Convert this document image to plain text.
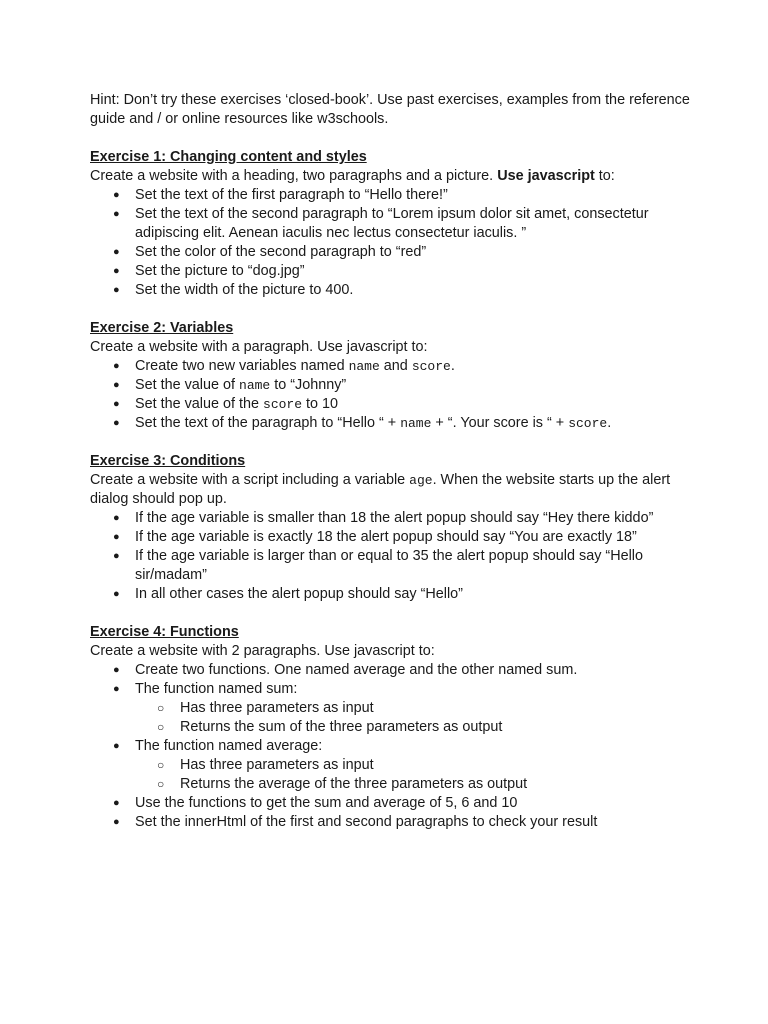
Hint: Don’t try these exercises ‘closed-book’. Use past exercises, examples from the reference guide and / or online resources like w3schools.

Exercise 1: Changing content and styles

Create a website with a heading, two paragraphs and a picture. Use javascript to:

● Set the text of the first paragraph to “Hello there!”
● Set the text of the second paragraph to “Lorem ipsum dolor sit amet, consectetur adipiscing elit. Aenean iaculis nec lectus consectetur iaculis. ”
● Set the color of the second paragraph to “red”
● Set the picture to “dog.jpg”
● Set the width of the picture to 400.

Exercise 2: Variables

Create a website with a paragraph. Use javascript to:

● Create two new variables named name and score.
● Set the value of name to “Johnny”
● Set the value of the score to 10
● Set the text of the paragraph to “Hello “ + name + “. Your score is “ + score.

Exercise 3: Conditions

Create a website with a script including a variable age. When the website starts up the alert dialog should pop up.

● If the age variable is smaller than 18 the alert popup should say “Hey there kiddo”
● If the age variable is exactly 18 the alert popup should say “You are exactly 18”
● If the age variable is larger than or equal to 35 the alert popup should say “Hello sir/madam”
● In all other cases the alert popup should say “Hello”

Exercise 4: Functions

Create a website with 2 paragraphs. Use javascript to:

● Create two functions. One named average and the other named sum.
● The function named sum:
○ Has three parameters as input
○ Returns the sum of the three parameters as output
● The function named average:
○ Has three parameters as input
○ Returns the average of the three parameters as output
● Use the functions to get the sum and average of 5, 6 and 10
● Set the innerHtml of the first and second paragraphs to check your result
